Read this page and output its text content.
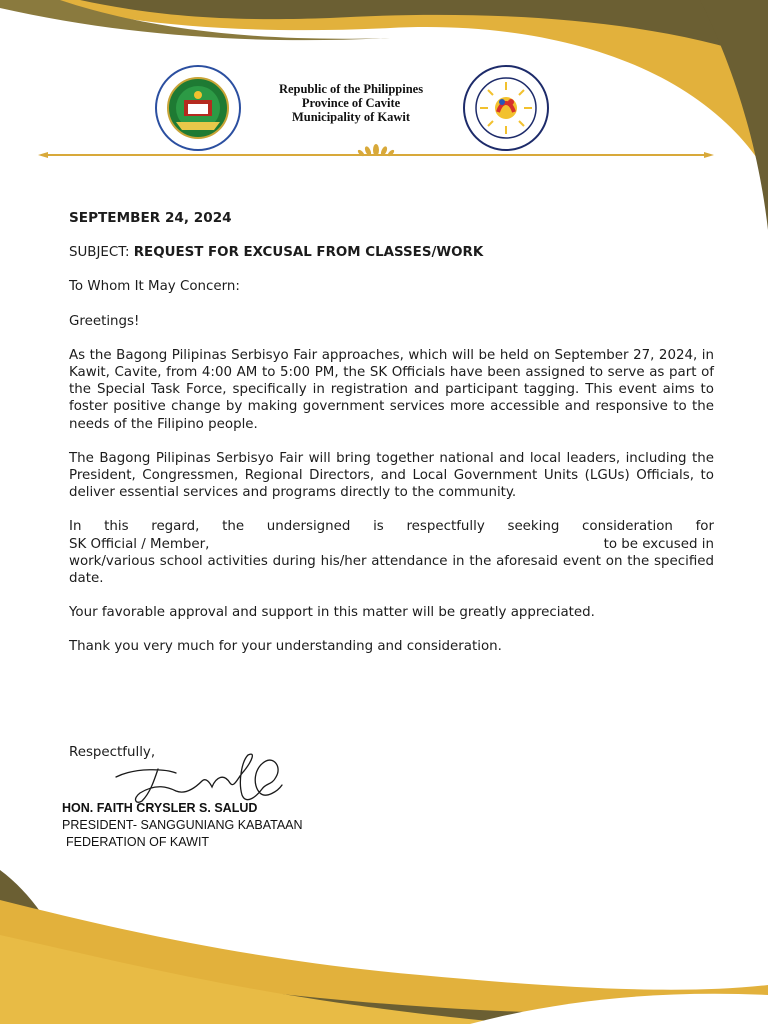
Republic of the Philippines
Province of Cavite
Municipality of Kawit

SEPTEMBER 24, 2024

SUBJECT: REQUEST FOR EXCUSAL FROM CLASSES/WORK

To Whom It May Concern:

Greetings!

As the Bagong Pilipinas Serbisyo Fair approaches, which will be held on September 27, 2024, in Kawit, Cavite, from 4:00 AM to 5:00 PM, the SK Officials have been assigned to serve as part of the Special Task Force, specifically in registration and participant tagging. This event aims to foster positive change by making government services more accessible and responsive to the needs of the Filipino people.

The Bagong Pilipinas Serbisyo Fair will bring together national and local leaders, including the President, Congressmen, Regional Directors, and Local Government Units (LGUs) Officials, to deliver essential services and programs directly to the community.

In this regard, the undersigned is respectfully seeking consideration for

SK Official / Member,	to be excused in

work/various school activities during his/her attendance in the aforesaid event on the specified date.

Your favorable approval and support in this matter will be greatly appreciated.

Thank you very much for your understanding and consideration.

Respectfully,
HON. FAITH CRYSLER S. SALUD
PRESIDENT- SANGGUNIANG KABATAAN
FEDERATION OF KAWIT
